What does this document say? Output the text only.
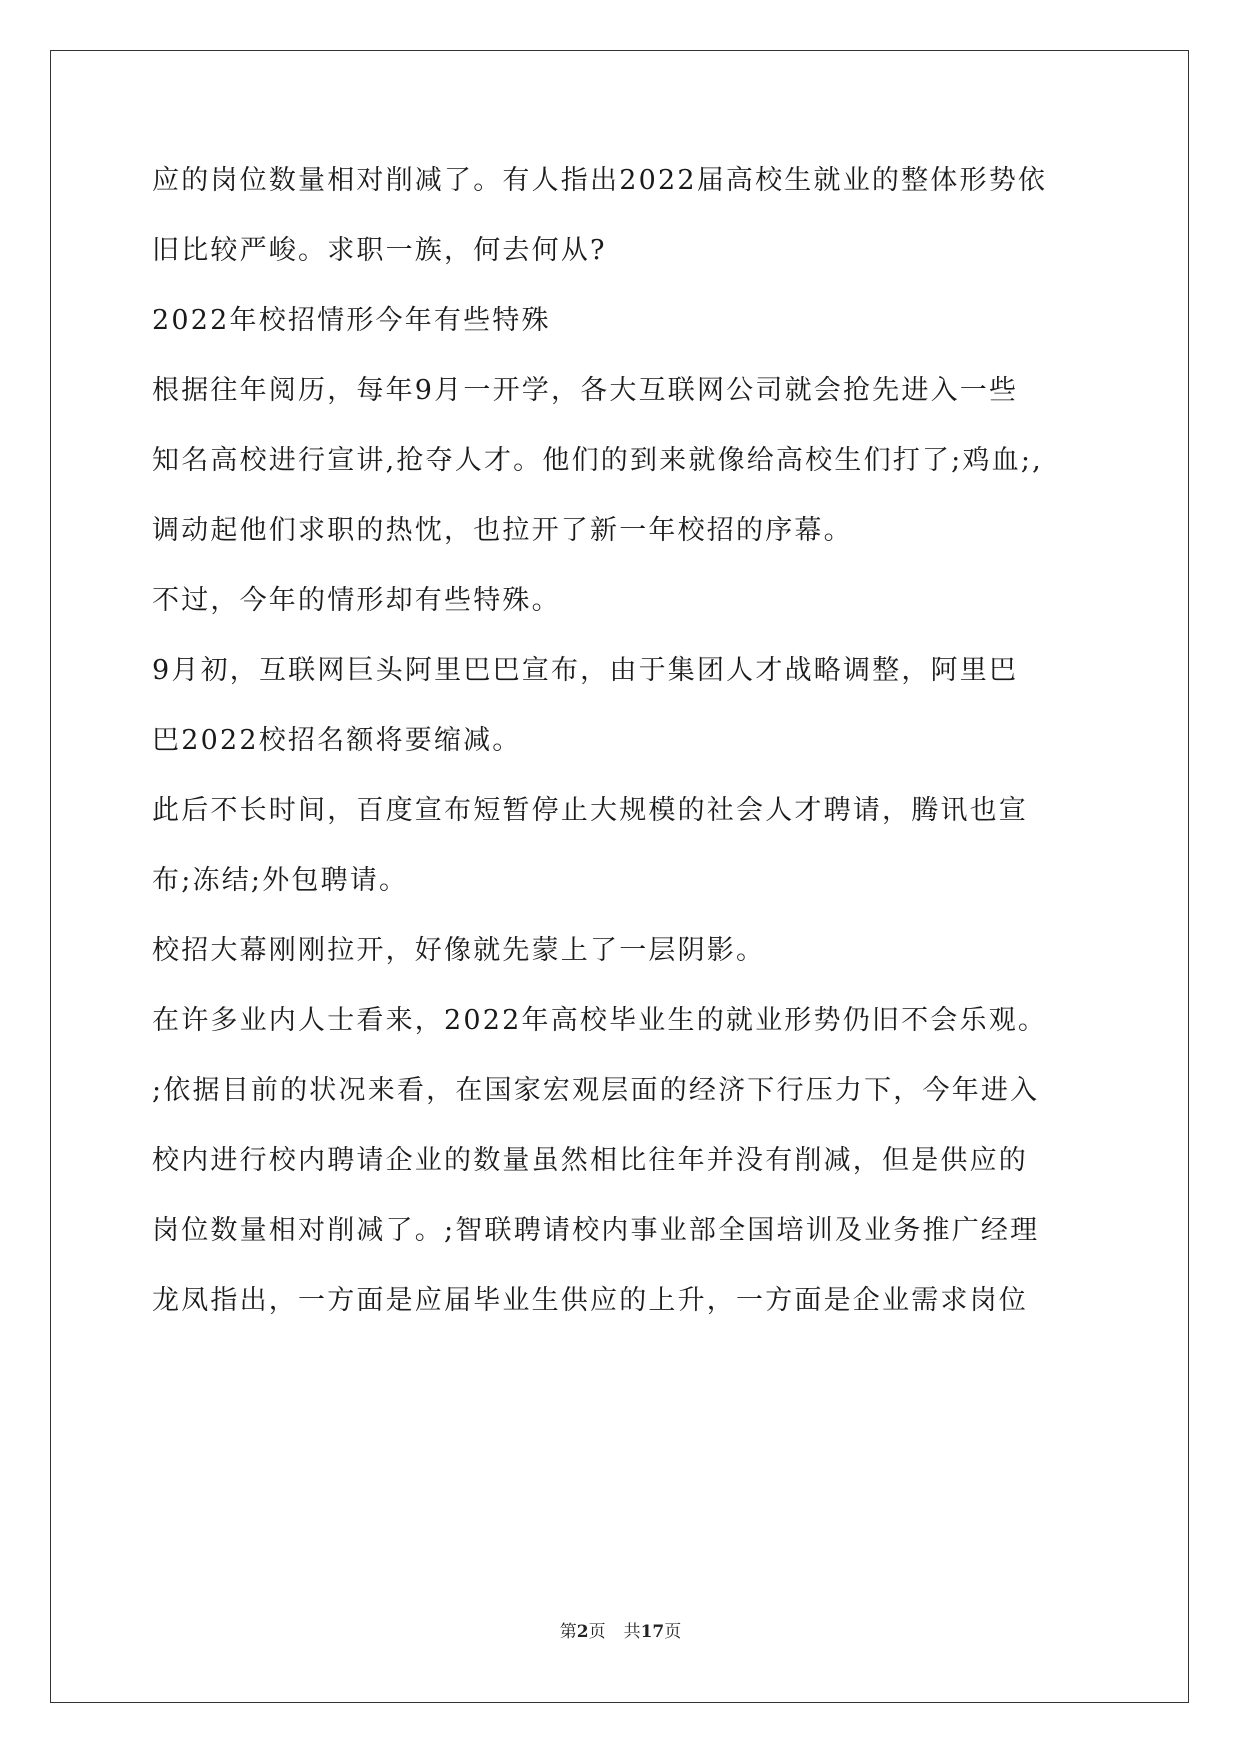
应的岗位数量相对削减了。有人指出2022届高校生就业的整体形势依
旧比较严峻。求职一族，何去何从?
2022年校招情形今年有些特殊
根据往年阅历，每年9月一开学，各大互联网公司就会抢先进入一些
知名高校进行宣讲,抢夺人才。他们的到来就像给高校生们打了;鸡血;,
调动起他们求职的热忱，也拉开了新一年校招的序幕。
不过，今年的情形却有些特殊。
9月初，互联网巨头阿里巴巴宣布，由于集团人才战略调整，阿里巴
巴2022校招名额将要缩减。
此后不长时间，百度宣布短暂停止大规模的社会人才聘请，腾讯也宣
布;冻结;外包聘请。
校招大幕刚刚拉开，好像就先蒙上了一层阴影。
在许多业内人士看来，2022年高校毕业生的就业形势仍旧不会乐观。
;依据目前的状况来看，在国家宏观层面的经济下行压力下，今年进入
校内进行校内聘请企业的数量虽然相比往年并没有削减，但是供应的
岗位数量相对削减了。;智联聘请校内事业部全国培训及业务推广经理
龙凤指出，一方面是应届毕业生供应的上升，一方面是企业需求岗位
第2页 共17页
